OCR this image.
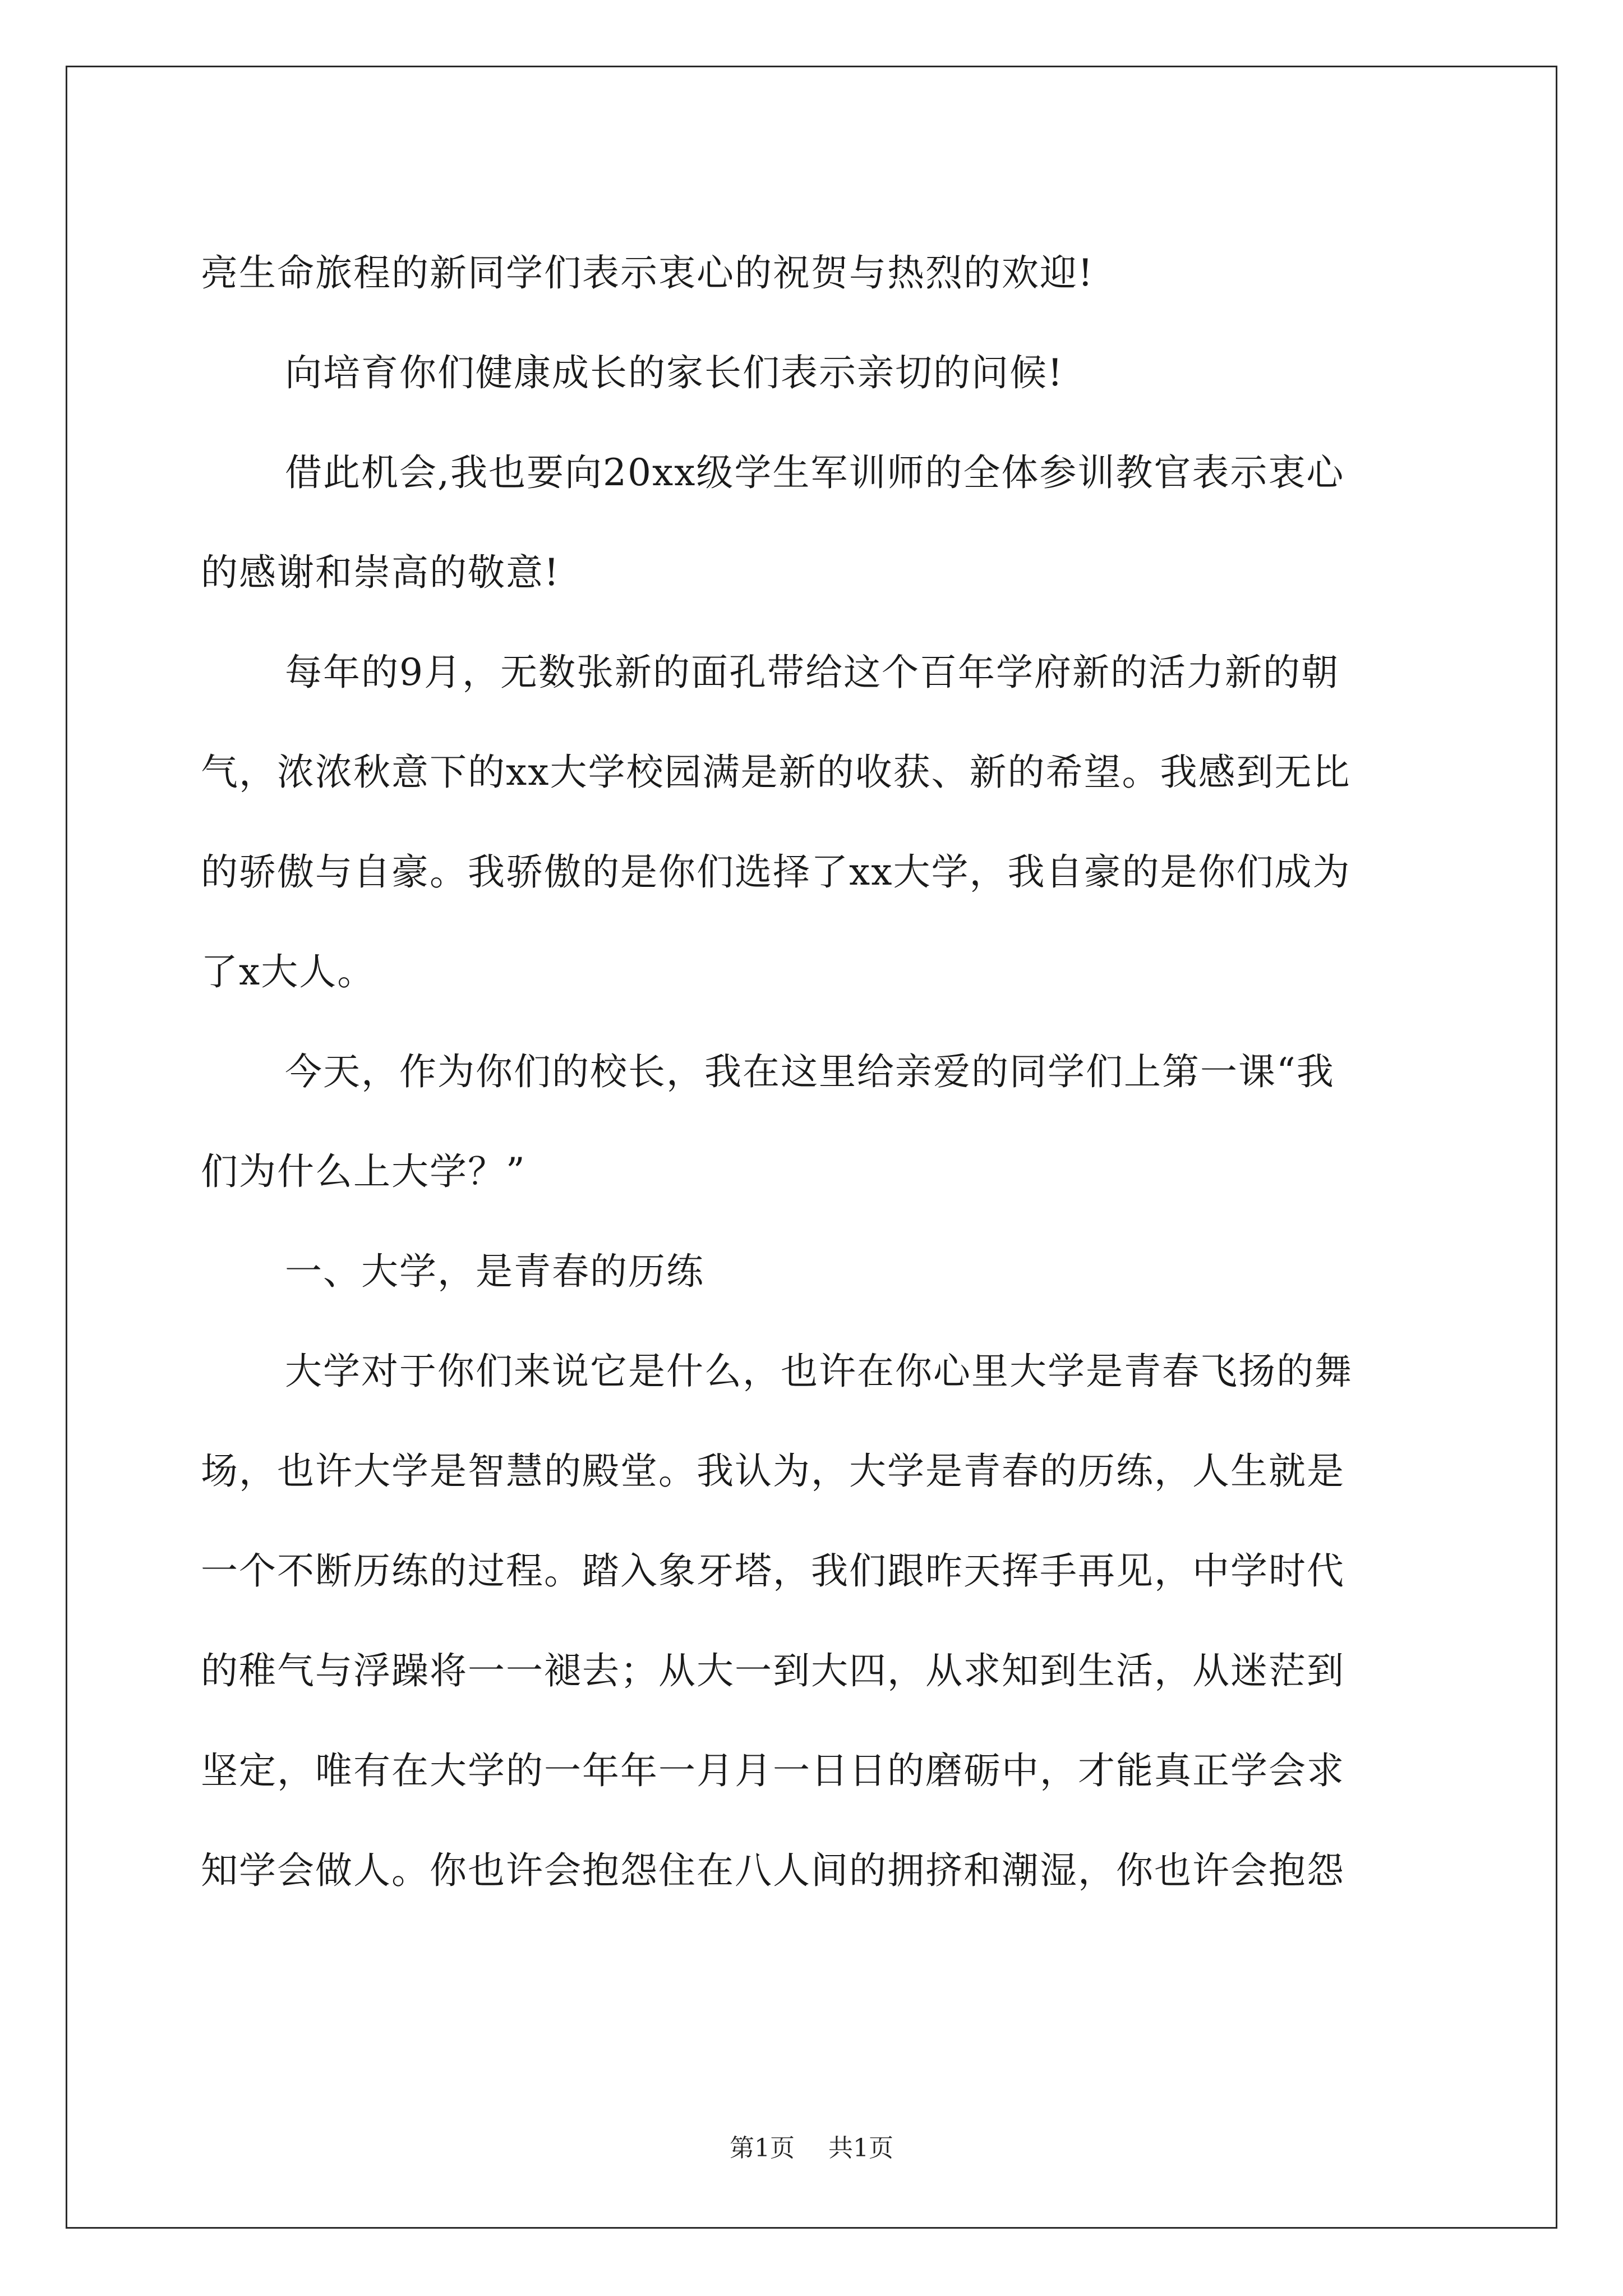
亮生命旅程的新同学们表示衷心的祝贺与热烈的欢迎!

向培育你们健康成长的家长们表示亲切的问候!

借此机会,我也要向20xx级学生军训师的全体参训教官表示衷心

的感谢和崇高的敬意!

每年的9月，无数张新的面孔带给这个百年学府新的活力新的朝

气，浓浓秋意下的xx大学校园满是新的收获、新的希望。我感到无比

的骄傲与自豪。我骄傲的是你们选择了xx大学，我自豪的是你们成为

了x大人。

今天，作为你们的校长，我在这里给亲爱的同学们上第一课“我

们为什么上大学？”

一、大学，是青春的历练

大学对于你们来说它是什么，也许在你心里大学是青春飞扬的舞

场，也许大学是智慧的殿堂。我认为，大学是青春的历练，人生就是

一个不断历练的过程。踏入象牙塔，我们跟昨天挥手再见，中学时代

的稚气与浮躁将一一褪去；从大一到大四，从求知到生活，从迷茫到

坚定，唯有在大学的一年年一月月一日日的磨砺中，才能真正学会求

知学会做人。你也许会抱怨住在八人间的拥挤和潮湿，你也许会抱怨

第1页 共1页
